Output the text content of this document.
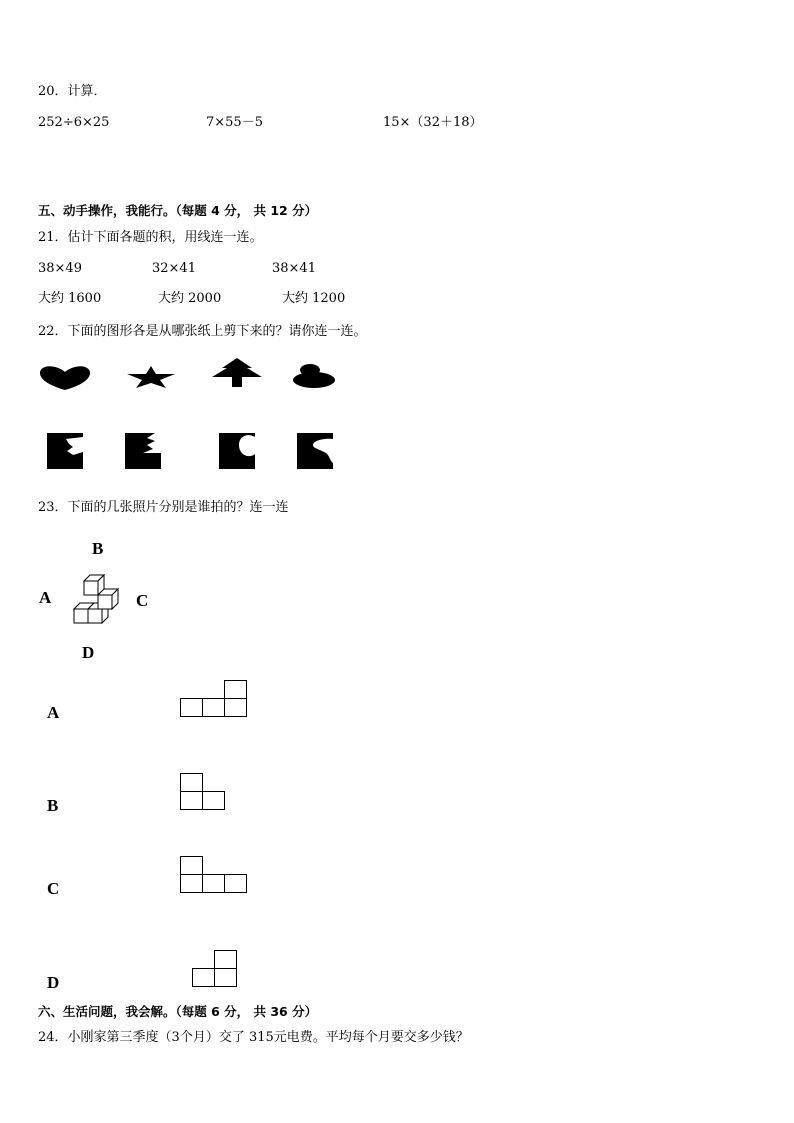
20．计算．
252÷6×25	7×55－5	15×（32＋18）
五、动手操作，我能行。（每题 4 分， 共 12 分）
21．估计下面各题的积，用线连一连。
38×49	32×41	38×41
大约 1600	大约 2000	大约 1200
22．下面的图形各是从哪张纸上剪下来的？请你连一连。
23．下面的几张照片分别是谁拍的？连一连
B
A	C
D
A
B
C
D
六、生活问题，我会解。（每题 6 分， 共 36 分）
24．小刚家第三季度（3个月）交了 315元电费。平均每个月要交多少钱？
